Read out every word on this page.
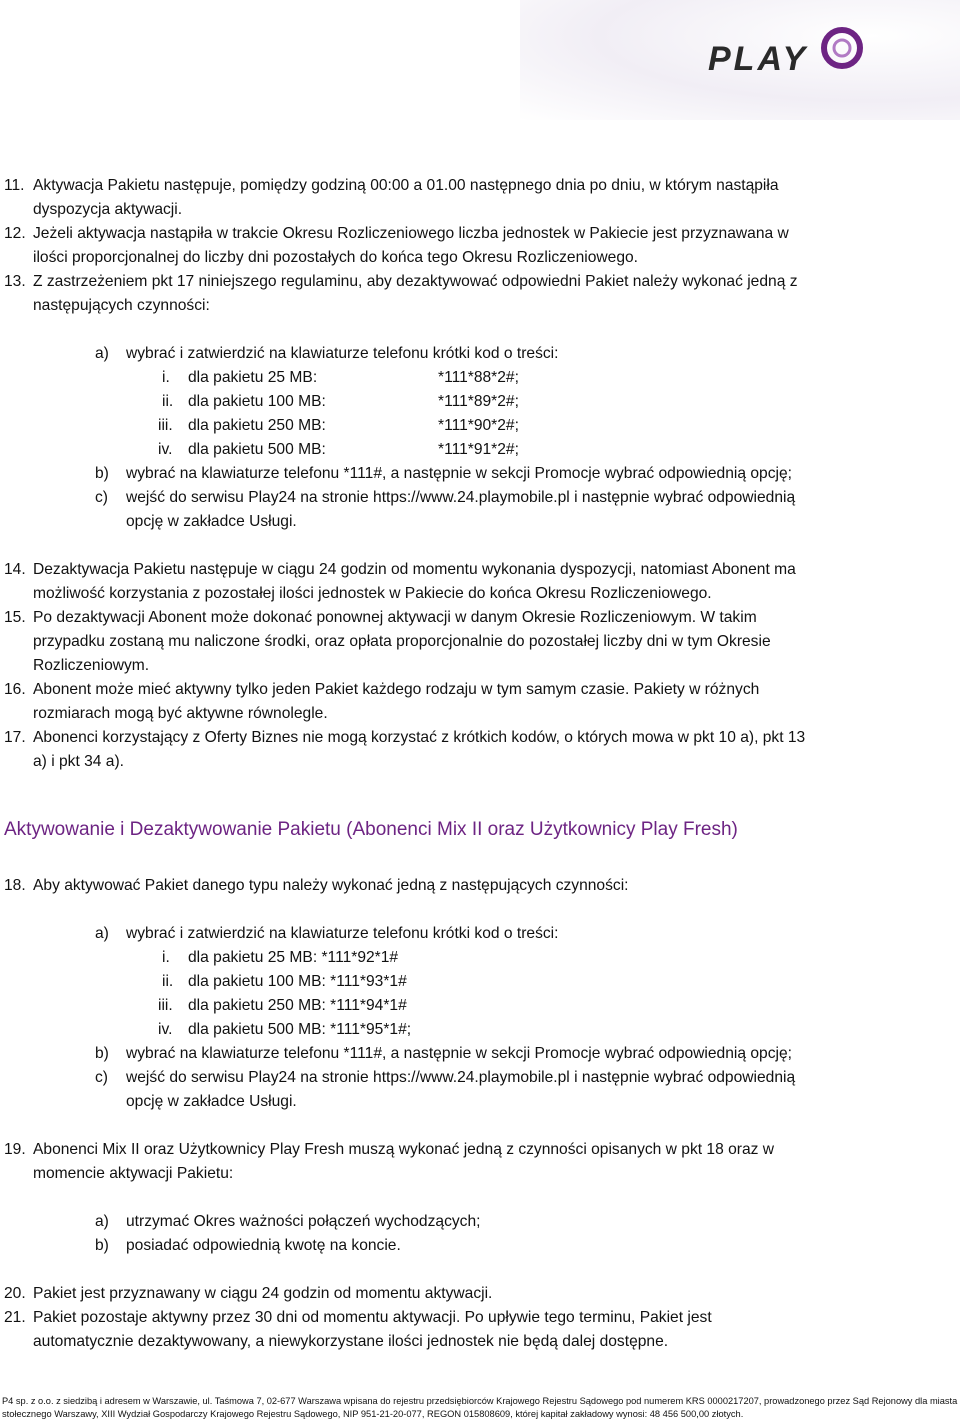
PLAY
11. Aktywacja Pakietu następuje, pomiędzy godziną 00:00 a 01.00 następnego dnia po dniu, w którym nastąpiła
dyspozycja aktywacji.
12. Jeżeli aktywacja nastąpiła w trakcie Okresu Rozliczeniowego liczba jednostek w Pakiecie jest przyznawana w
ilości proporcjonalnej do liczby dni pozostałych do końca tego Okresu Rozliczeniowego.
13. Z zastrzeżeniem pkt 17 niniejszego regulaminu, aby dezaktywować odpowiedni Pakiet należy wykonać jedną z
następujących czynności:
a) wybrać i zatwierdzić na klawiaturze telefonu krótki kod o treści:
i. dla pakietu 25 MB:	*111*88*2#;
ii. dla pakietu 100 MB:	*111*89*2#;
iii. dla pakietu 250 MB:	*111*90*2#;
iv. dla pakietu 500 MB:	*111*91*2#;
b) wybrać na klawiaturze telefonu *111#, a następnie w sekcji Promocje wybrać odpowiednią opcję;
c) wejść do serwisu Play24 na stronie https://www.24.playmobile.pl i następnie wybrać odpowiednią
opcję w zakładce Usługi.
14. Dezaktywacja Pakietu następuje w ciągu 24 godzin od momentu wykonania dyspozycji, natomiast Abonent ma
możliwość korzystania z pozostałej ilości jednostek w Pakiecie do końca Okresu Rozliczeniowego.
15. Po dezaktywacji Abonent może dokonać ponownej aktywacji w danym Okresie Rozliczeniowym. W takim
przypadku zostaną mu naliczone środki, oraz opłata proporcjonalnie do pozostałej liczby dni w tym Okresie
Rozliczeniowym.
16. Abonent może mieć aktywny tylko jeden Pakiet każdego rodzaju w tym samym czasie. Pakiety w różnych
rozmiarach mogą być aktywne równolegle.
17. Abonenci korzystający z Oferty Biznes nie mogą korzystać z krótkich kodów, o których mowa w pkt 10 a), pkt 13
a) i pkt 34 a).
Aktywowanie i Dezaktywowanie Pakietu (Abonenci Mix II oraz Użytkownicy Play Fresh)
18. Aby aktywować Pakiet danego typu należy wykonać jedną z następujących czynności:
a) wybrać i zatwierdzić na klawiaturze telefonu krótki kod o treści:
i. dla pakietu 25 MB: *111*92*1#
ii. dla pakietu 100 MB: *111*93*1#
iii. dla pakietu 250 MB: *111*94*1#
iv. dla pakietu 500 MB: *111*95*1#;
b) wybrać na klawiaturze telefonu *111#, a następnie w sekcji Promocje wybrać odpowiednią opcję;
c) wejść do serwisu Play24 na stronie https://www.24.playmobile.pl i następnie wybrać odpowiednią
opcję w zakładce Usługi.
19. Abonenci Mix II oraz Użytkownicy Play Fresh muszą wykonać jedną z czynności opisanych w pkt 18 oraz w
momencie aktywacji Pakietu:
a) utrzymać Okres ważności połączeń wychodzących;
b) posiadać odpowiednią kwotę na koncie.
20. Pakiet jest przyznawany w ciągu 24 godzin od momentu aktywacji.
21. Pakiet pozostaje aktywny przez 30 dni od momentu aktywacji. Po upływie tego terminu, Pakiet jest
automatycznie dezaktywowany, a niewykorzystane ilości jednostek nie będą dalej dostępne.
P4 sp. z o.o. z siedzibą i adresem w Warszawie, ul. Taśmowa 7, 02-677 Warszawa wpisana do rejestru przedsiębiorców Krajowego Rejestru Sądowego pod numerem KRS 0000217207, prowadzonego przez Sąd Rejonowy dla miasta
stołecznego Warszawy, XIII Wydział Gospodarczy Krajowego Rejestru Sądowego, NIP 951-21-20-077, REGON 015808609, której kapitał zakładowy wynosi: 48 456 500,00 złotych.
